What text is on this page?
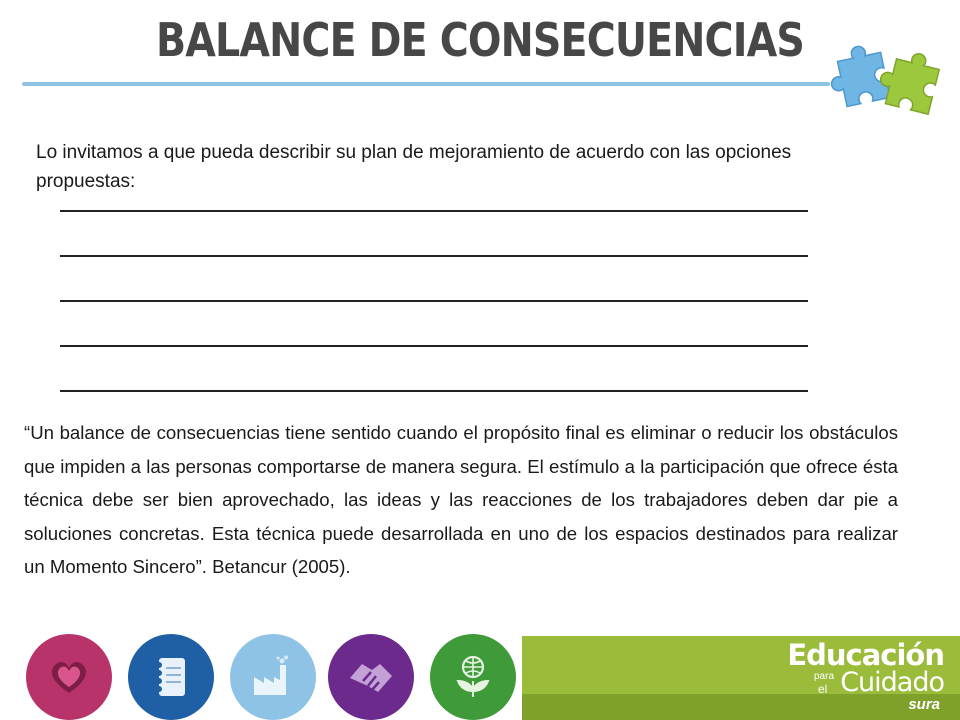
BALANCE DE CONSECUENCIAS
Lo invitamos a que pueda describir su plan de mejoramiento de acuerdo con las opciones propuestas:
“Un balance de consecuencias tiene sentido cuando el propósito final es eliminar o reducir los obstáculos que impiden a las personas comportarse de manera segura. El estímulo a la participación que ofrece ésta técnica debe ser bien aprovechado, las ideas y las reacciones de los trabajadores deben dar pie a soluciones concretas. Esta técnica puede desarrollada en uno de los espacios destinados para realizar un Momento Sincero”. Betancur (2005).
Educación
para
el Cuidado
sura
